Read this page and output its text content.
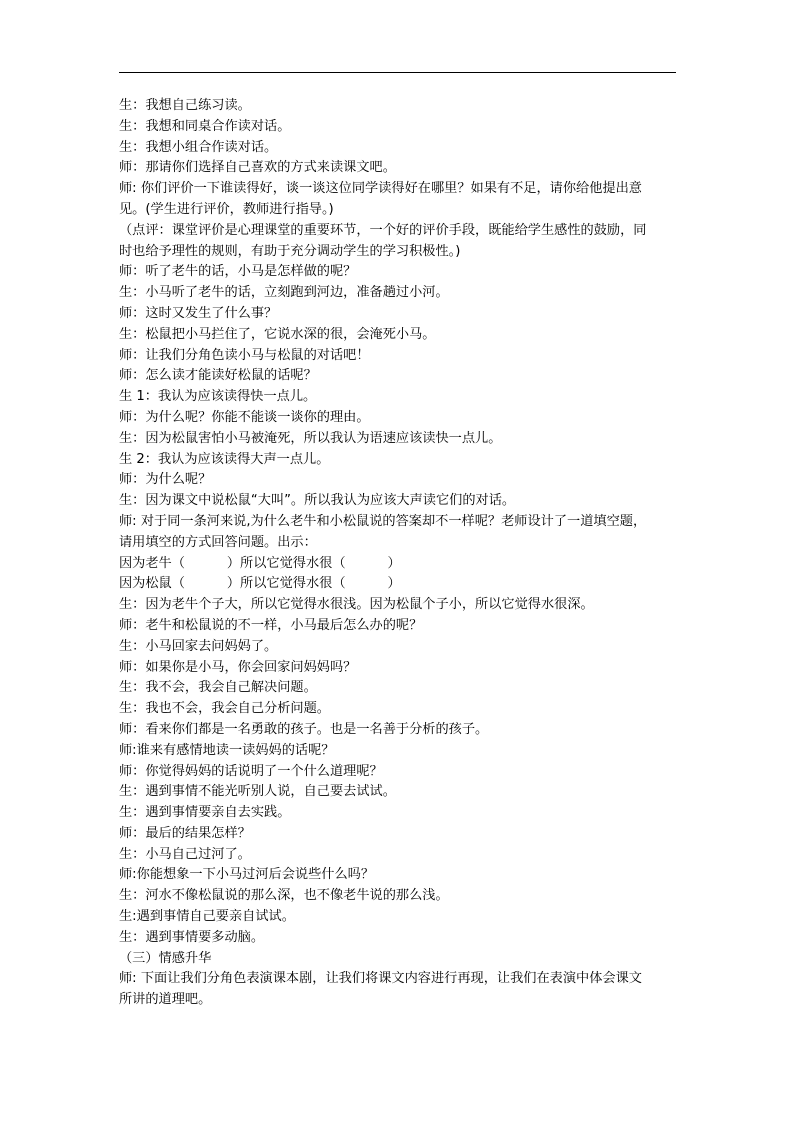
生：我想自己练习读。
生：我想和同桌合作读对话。
生：我想小组合作读对话。
师：那请你们选择自己喜欢的方式来读课文吧。
师: 你们评价一下谁读得好，谈一谈这位同学读得好在哪里？如果有不足，请你给他提出意
见。(学生进行评价，教师进行指导。)
（点评：课堂评价是心理课堂的重要环节，一个好的评价手段，既能给学生感性的鼓励，同
时也给予理性的规则，有助于充分调动学生的学习积极性。)
师：听了老牛的话，小马是怎样做的呢？
生：小马听了老牛的话，立刻跑到河边，准备趟过小河。
师：这时又发生了什么事？
生：松鼠把小马拦住了，它说水深的很，会淹死小马。
师：让我们分角色读小马与松鼠的对话吧！
师：怎么读才能读好松鼠的话呢？
生 1：我认为应该读得快一点儿。
师：为什么呢？你能不能谈一谈你的理由。
生：因为松鼠害怕小马被淹死，所以我认为语速应该读快一点儿。
生 2：我认为应该读得大声一点儿。
师：为什么呢？
生：因为课文中说松鼠“大叫”。所以我认为应该大声读它们的对话。
师: 对于同一条河来说,为什么老牛和小松鼠说的答案却不一样呢？老师设计了一道填空题，
请用填空的方式回答问题。出示：
因为老牛（          ）所以它觉得水很（          ）
因为松鼠（          ）所以它觉得水很（          ）
生：因为老牛个子大，所以它觉得水很浅。因为松鼠个子小，所以它觉得水很深。
师：老牛和松鼠说的不一样，小马最后怎么办的呢？
生：小马回家去问妈妈了。
师：如果你是小马，你会回家问妈妈吗？
生：我不会，我会自己解决问题。
生：我也不会，我会自己分析问题。
师：看来你们都是一名勇敢的孩子。也是一名善于分析的孩子。
师:谁来有感情地读一读妈妈的话呢？
师：你觉得妈妈的话说明了一个什么道理呢？
生：遇到事情不能光听别人说，自己要去试试。
生：遇到事情要亲自去实践。
师：最后的结果怎样？
生：小马自己过河了。
师:你能想象一下小马过河后会说些什么吗？
生：河水不像松鼠说的那么深，也不像老牛说的那么浅。
生:遇到事情自己要亲自试试。
生：遇到事情要多动脑。
（三）情感升华
师: 下面让我们分角色表演课本剧，让我们将课文内容进行再现，让我们在表演中体会课文
所讲的道理吧。
